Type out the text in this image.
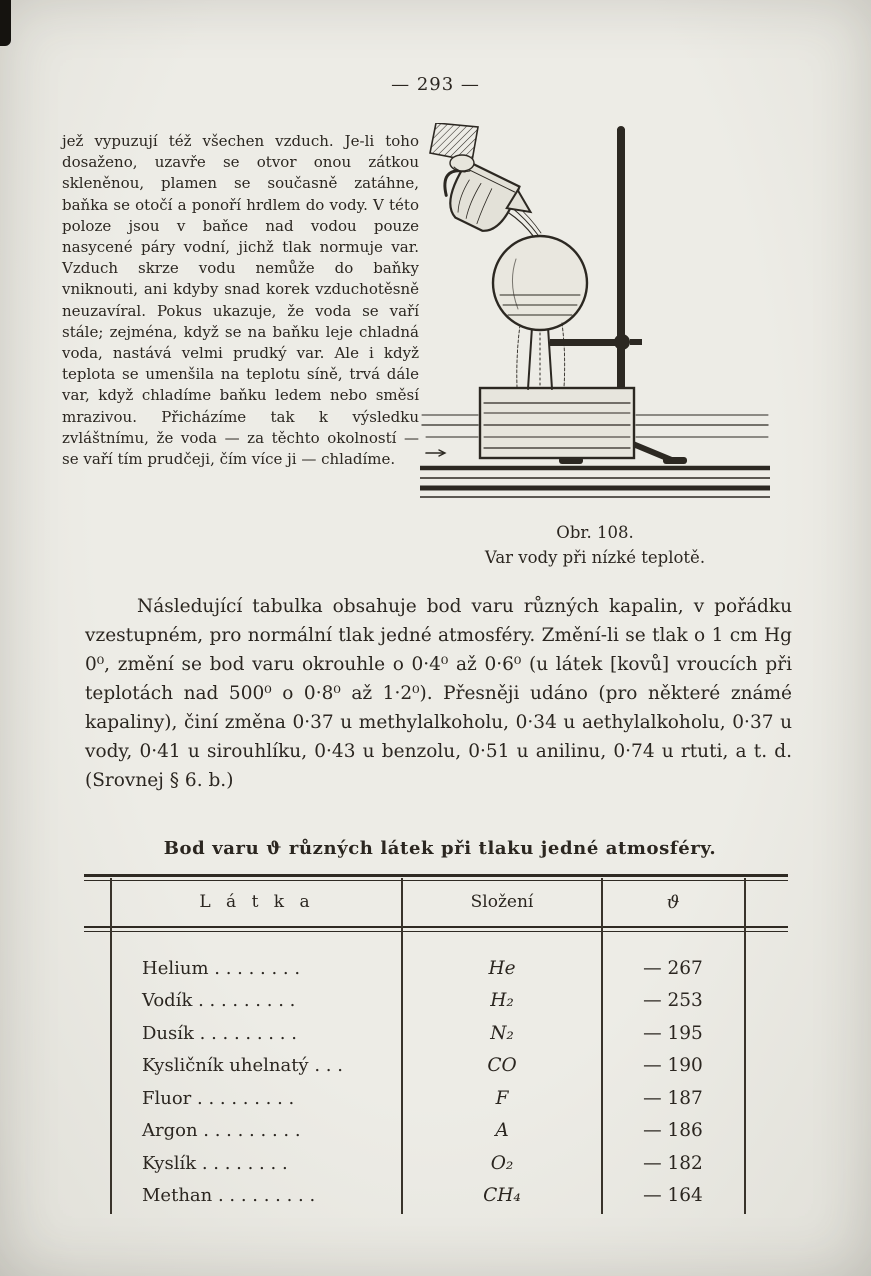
— 293 —
jež vypuzují též všechen vzduch. Je-li toho dosaženo, uzavře se otvor onou zátkou skleněnou, plamen se současně zatáhne, baňka se otočí a ponoří hrdlem do vody. V této poloze jsou v baňce nad vodou pouze nasycené páry vodní, jichž tlak normuje var. Vzduch skrze vodu nemůže do baňky vniknouti, ani kdyby snad korek vzduchotěsně neuzavíral. Pokus ukazuje, že voda se vaří stále; zejména, když se na baňku leje chladná voda, nastává velmi prudký var. Ale i když teplota se umenšila na teplotu síně, trvá dále var, když chladíme baňku ledem nebo směsí mrazivou. Přicházíme tak k výsledku zvláštnímu, že voda — za těchto okolností — se vaří tím prudčeji, čím více ji — chladíme.
Obr. 108.
Var vody při nízké teplotě.
Následující tabulka obsahuje bod varu různých kapalin, v pořádku vzestupném, pro normální tlak jedné atmosféry. Změní-li se tlak o 1 cm Hg 0⁰, změní se bod varu okrouhle o 0·4⁰ až 0·6⁰ (u látek [kovů] vroucích při teplotách nad 500⁰ o 0·8⁰ až 1·2⁰). Přesněji udáno (pro některé známé kapaliny), činí změna 0·37 u methylalkoholu, 0·34 u aethylalkoholu, 0·37 u vody, 0·41 u sirouhlíku, 0·43 u benzolu, 0·51 u anilinu, 0·74 u rtuti, a t. d. (Srovnej § 6. b.)
Bod varu ϑ různých látek při tlaku jedné atmosféry.
L á t k a	Složení	ϑ
Helium . . . . . . . .	He	— 267
Vodík . . . . . . . . .	H₂	— 253
Dusík . . . . . . . . .	N₂	— 195
Kysličník uhelnatý . . .	CO	— 190
Fluor . . . . . . . . .	F	— 187
Argon . . . . . . . . .	A	— 186
Kyslík . . . . . . . .	O₂	— 182
Methan . . . . . . . . .	CH₄	— 164
